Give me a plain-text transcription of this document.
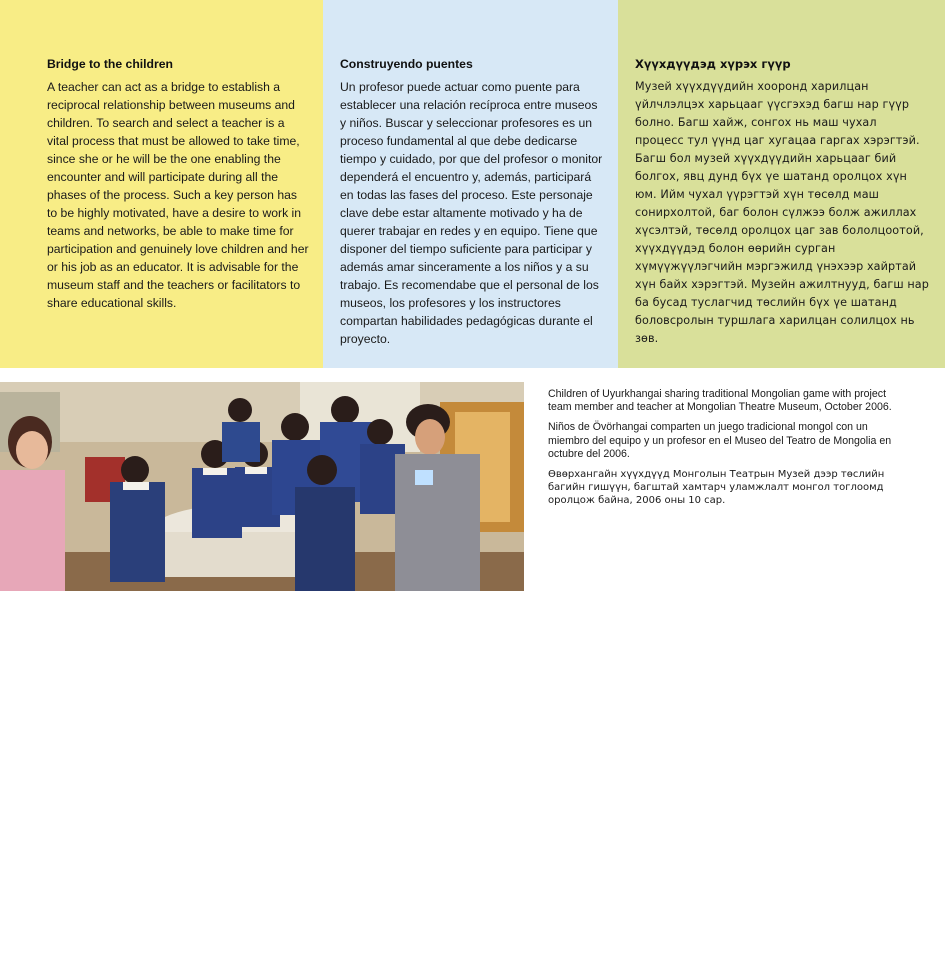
Bridge to the children

A teacher can act as a bridge to establish a reciprocal relationship between museums and children. To search and select a teacher is a vital process that must be allowed to take time, since she or he will be the one enabling the encounter and will participate during all the phases of the process. Such a key person has to be highly motivated, have a desire to work in teams and networks, be able to make time for participation and genuinely love children and her or his job as an educator. It is advisable for the museum staff and the teachers or facilitators to share educational skills.

Construyendo puentes

Un profesor puede actuar como puente para establecer una relación recíproca entre museos y niños. Buscar y seleccionar profesores es un proceso fundamental al que debe dedicarse tiempo y cuidado, por que del profesor o monitor dependerá el encuentro y, además, participará en todas las fases del proceso. Este personaje clave debe estar altamente motivado y ha de querer trabajar en redes y en equipo. Tiene que disponer del tiempo suficiente para participar y además amar sinceramente a los niños y a su trabajo. Es recomendabe que el personal de los museos, los profesores y los instructores compartan habilidades pedagógicas durante el proyecto.

Хүүхдүүдэд хүрэх гүүр

Музей хүүхдүүдийн хооронд харилцан үйлчлэлцэх харьцааг үүсгэхэд багш нар гүүр болно. Багш хайж, сонгох нь маш чухал процесс тул үүнд цаг хугацаа гаргах хэрэгтэй. Багш бол музей хүүхдүүдийн харьцааг бий болгох, явц дунд бүх үе шатанд оролцох хүн юм. Ийм чухал үүрэгтэй хүн төсөлд маш сонирхолтой, баг болон сүлжээ болж ажиллах хүсэлтэй, төсөлд оролцох цаг зав бололцоотой, хүүхдүүдэд болон өөрийн сурган хүмүүжүүлэгчийн мэргэжилд үнэхээр хайртай хүн байх хэрэгтэй. Музейн ажилтнууд, багш нар ба бусад туслагчид төслийн бүх үе шатанд боловсролын туршлага харилцан солилцох нь зөв.

15

Children of Uyurkhangai sharing traditional Mongolian game with project team member and teacher at Mongolian Theatre Museum, October 2006.

Niños de Övörhangai comparten un juego tradicional mongol con un miembro del equipo y un profesor en el Museo del Teatro de Mongolia en octubre del 2006.

Өвөрхангайн хүүхдүүд Монголын Театрын Музей дээр төслийн багийн гишүүн, багштай хамтарч уламжлалт монгол тоглоомд оролцож байна, 2006 оны 10 сар.
